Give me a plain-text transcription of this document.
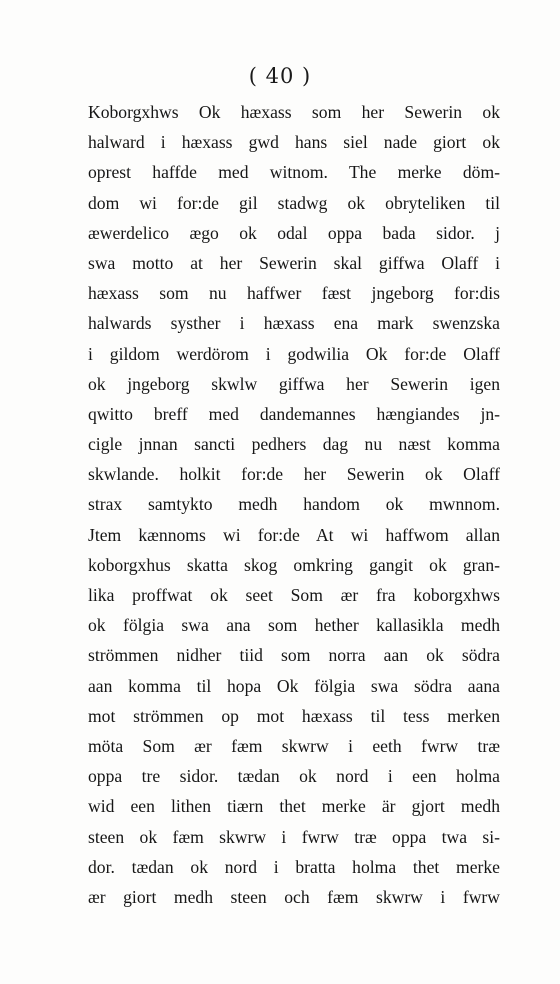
( 40 )
Koborgxhws Ok hæxass som her Sewerin ok
halward i hæxass gwd hans siel nade giort ok
oprest haffde med witnom. The merke döm-
dom wi for:de gil stadwg ok obryteliken til
æwerdelico ægo ok odal oppa bada sidor. j
swa motto at her Sewerin skal giffwa Olaff i
hæxass som nu haffwer fæst jngeborg for:dis
halwards systher i hæxass ena mark swenzska
i gildom werdörom i godwilia Ok for:de Olaff
ok jngeborg skwlw giffwa her Sewerin igen
qwitto breff med dandemannes hængiandes jn-
cigle jnnan sancti pedhers dag nu næst komma
skwlande. holkit for:de her Sewerin ok Olaff
strax samtykto medh handom ok mwnnom.
Jtem kænnoms wi for:de At wi haffwom allan
koborgxhus skatta skog omkring gangit ok gran-
lika proffwat ok seet Som ær fra koborgxhws
ok fölgia swa ana som hether kallasikla medh
strömmen nidher tiid som norra aan ok södra
aan komma til hopa Ok fölgia swa södra aana
mot strömmen op mot hæxass til tess merken
möta Som ær fæm skwrw i eeth fwrw træ
oppa tre sidor. tædan ok nord i een holma
wid een lithen tiærn thet merke är gjort medh
steen ok fæm skwrw i fwrw træ oppa twa si-
dor. tædan ok nord i bratta holma thet merke
ær giort medh steen och fæm skwrw i fwrw
